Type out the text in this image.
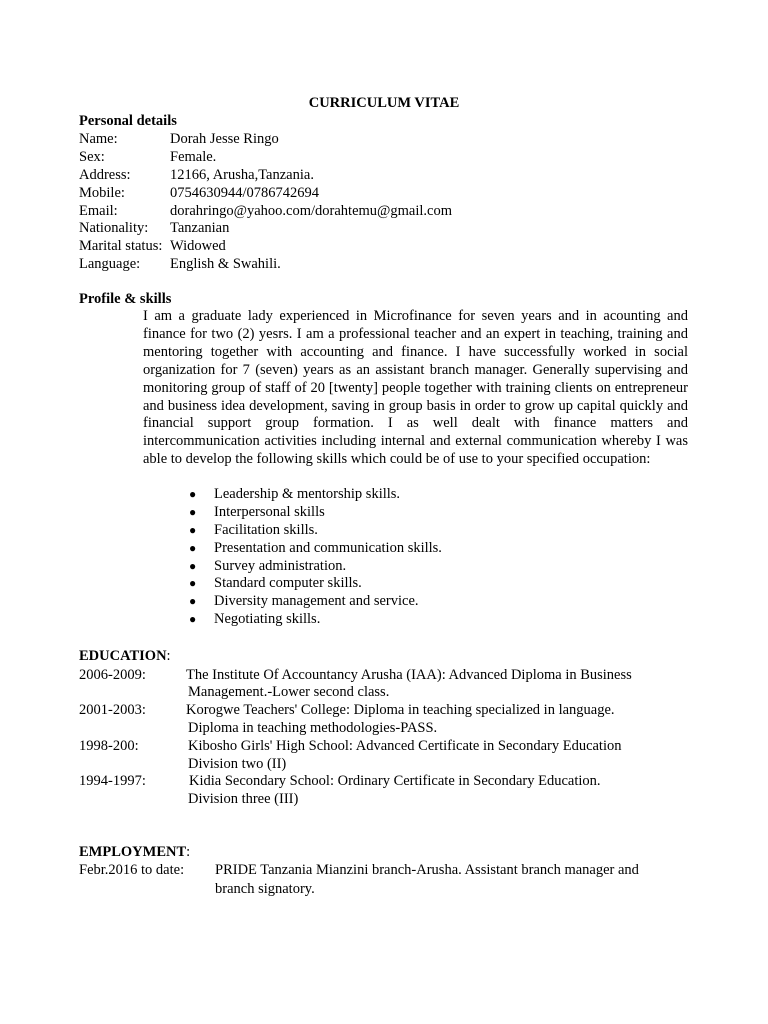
CURRICULUM VITAE
Personal details
Name:	Dorah Jesse Ringo
Sex:	Female.
Address:	12166, Arusha,Tanzania.
Mobile:	0754630944/0786742694
Email:	dorahringo@yahoo.com/dorahtemu@gmail.com
Nationality: Tanzanian
Marital status: Widowed
Language: English & Swahili.
Profile & skills
I am a graduate lady experienced in Microfinance for seven years and in acounting and finance for two (2) yesrs. I am a professional teacher and an expert in teaching, training and mentoring together with accounting and finance. I have successfully worked in social organization for 7 (seven) years as an assistant branch manager. Generally supervising and monitoring group of staff of 20 [twenty] people together with training clients on entrepreneur and business idea development, saving in group basis in order to grow up capital quickly and financial support group formation. I as well dealt with finance matters and intercommunication activities including internal and external communication whereby I was able to develop the following skills which could be of use to your specified occupation:
● Leadership & mentorship skills.
● Interpersonal skills
● Facilitation skills.
● Presentation and communication skills.
● Survey administration.
● Standard computer skills.
● Diversity management and service.
● Negotiating skills.
EDUCATION:
2006-2009:	The Institute Of Accountancy Arusha (IAA): Advanced Diploma in Business
Management.-Lower second class.
2001-2003:	Korogwe Teachers' College: Diploma in teaching specialized in language.
Diploma in teaching methodologies-PASS.
1998-200:	Kibosho Girls' High School: Advanced Certificate in Secondary Education
Division two (II)
1994-1997:	Kidia Secondary School: Ordinary Certificate in Secondary Education.
Division three (III)
EMPLOYMENT:
Febr.2016 to date: PRIDE Tanzania Mianzini branch-Arusha. Assistant branch manager and
branch signatory.
